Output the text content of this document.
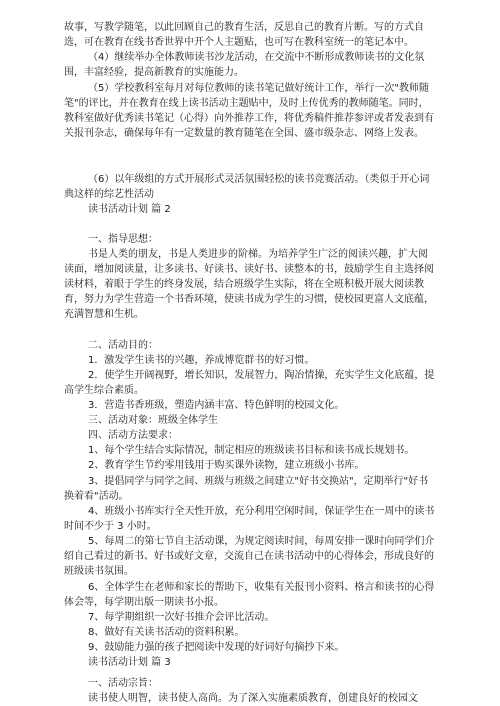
故事，写教学随笔，以此回顾自己的教育生活，反思自己的教育片断。写的方式自选，可在教育在线书香世界中开个人主题贴，也可写在教科室统一的笔记本中。

（4）继续举办全体教师读书沙龙活动，在交流中不断形成教师读书的文化氛围，丰富经验，提高新教育的实施能力。

（5）学校教科室每月对每位教师的读书笔记做好统计工作，举行一次"教师随笔"的评比，并在教育在线上读书活动主题贴中，及时上传优秀的教师随笔。同时，教科室做好优秀读书笔记（心得）向外推荐工作，将优秀稿件推荐参评或者发表到有关报刊杂志，确保每年有一定数量的教育随笔在全国、盛市级杂志、网络上发表。

（6）以年级组的方式开展形式灵活氛围轻松的读书竞赛活动。（类似于开心词典这样的综艺性活动

读书活动计划 篇 2

一、指导思想：

书是人类的朋友，书是人类进步的阶梯。为培养学生广泛的阅读兴趣，扩大阅读面，增加阅读量，让多读书、好读书、读好书、读整本的书，鼓励学生自主选择阅读材料，着眼于学生的终身发展，结合班级学生实际，将在全班积极开展大阅读教育，努力为学生营造一个书香环境，使读书成为学生的习惯，使校园更富人文底蕴，充满智慧和生机。

二、活动目的：

1．激发学生读书的兴趣，养成博览群书的好习惯。

2．使学生开阔视野，增长知识，发展智力，陶冶情操，充实学生文化底蕴，提高学生综合素质。

3．营造书香班级，塑造内涵丰富、特色鲜明的校园文化。

三、活动对象：班级全体学生

四、活动方法要求：

1、每个学生结合实际情况，制定相应的班级读书目标和读书成长规划书。

2、教育学生节约零用钱用于购买课外读物，建立班级小书库。

3、提倡同学与同学之间、班级与班级之间建立"好书交换站"，定期举行"好书换着看"活动。

4、班级小书库实行全天性开放，充分利用空闲时间，保证学生在一周中的读书时间不少于 3 小时。

5、每周二的第七节自主活动课，为规定阅读时间，每周安排一课时向同学们介绍自己看过的新书、好书或好文章，交流自己在读书活动中的心得体会，形成良好的班级读书氛围。

6、全体学生在老师和家长的帮助下，收集有关报刊小资料、格言和读书的心得体会等，每学期出版一期读书小报。

7、每学期组织一次好书推介会评比活动。

8、做好有关读书活动的资料积累。

9、鼓励能力强的孩子把阅读中发现的好词好句摘抄下来。

读书活动计划 篇 3

一、活动宗旨：

读书使人明智，读书使人高尚。为了深入实施素质教育，创建良好的校园文
